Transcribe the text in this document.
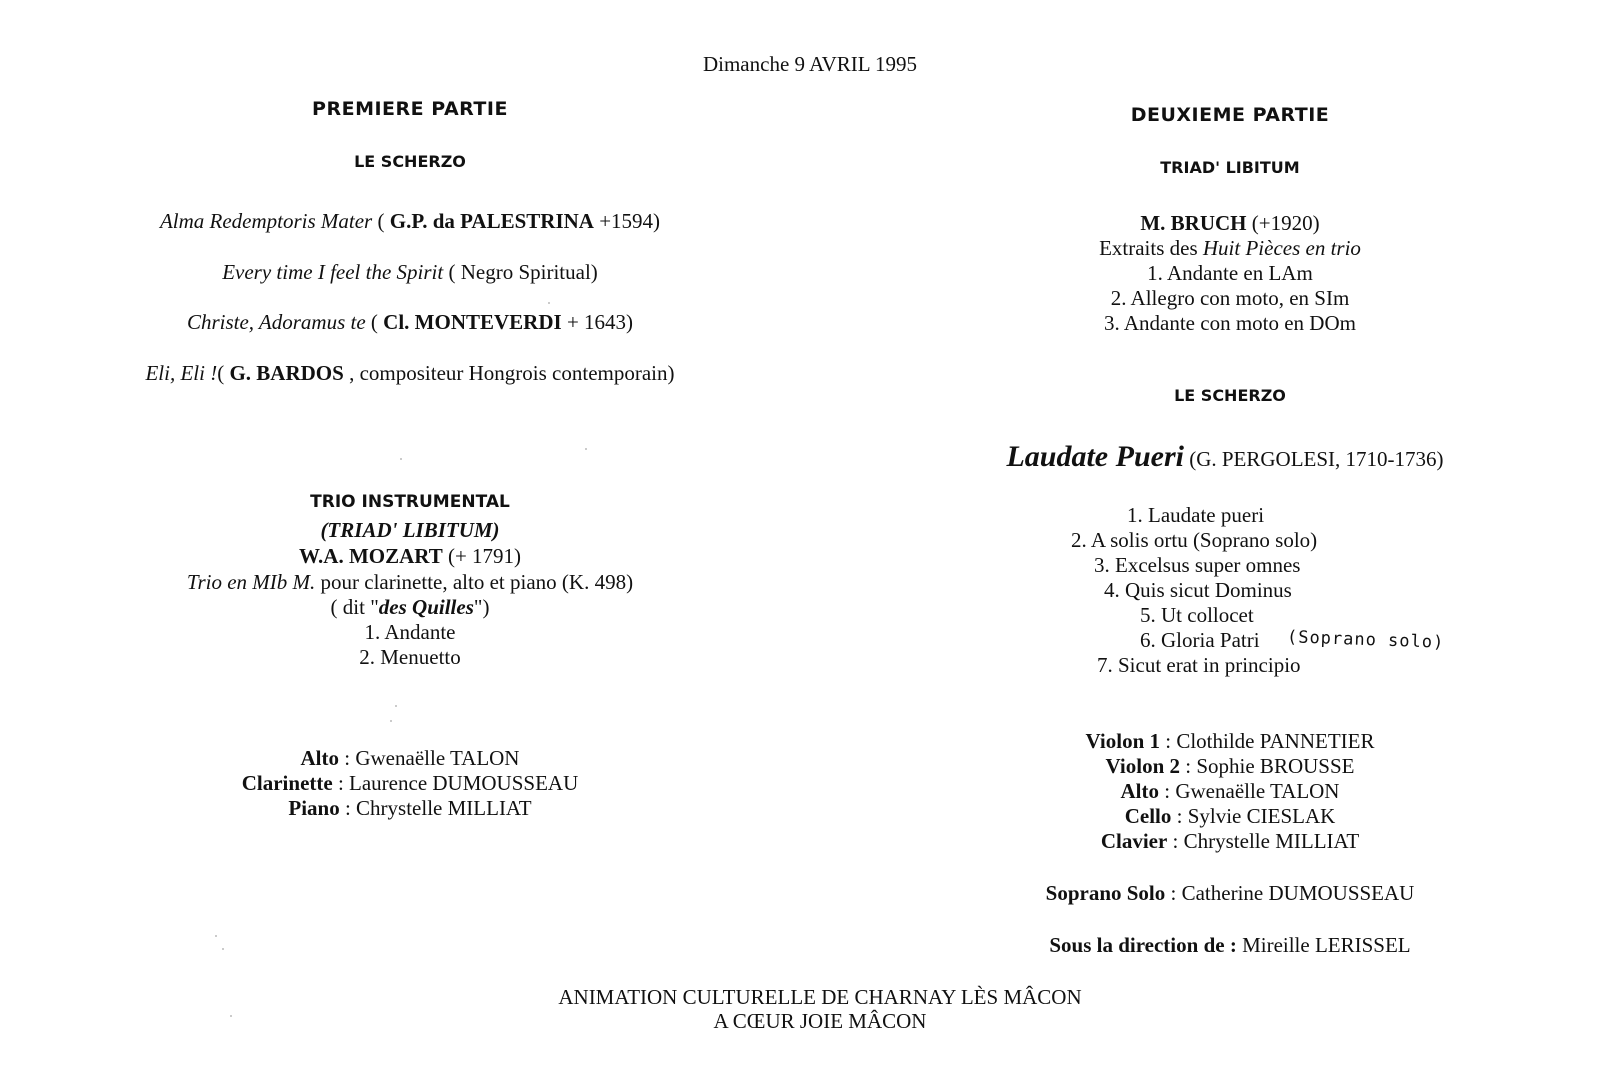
Dimanche 9 AVRIL 1995
PREMIERE PARTIE
LE SCHERZO
Alma Redemptoris Mater ( G.P. da PALESTRINA +1594)
Every time I feel the Spirit ( Negro Spiritual)
Christe, Adoramus te ( Cl. MONTEVERDI + 1643)
Eli, Eli !( G. BARDOS , compositeur Hongrois contemporain)
TRIO INSTRUMENTAL
(TRIAD' LIBITUM)
W.A. MOZART (+ 1791)
Trio en MIb M. pour clarinette, alto et piano (K. 498)
( dit "des Quilles")
1. Andante
2. Menuetto
Alto : Gwenaëlle TALON
Clarinette : Laurence DUMOUSSEAU
Piano : Chrystelle MILLIAT
DEUXIEME PARTIE
TRIAD' LIBITUM
M. BRUCH (+1920)
Extraits des Huit Pièces en trio
1. Andante en LAm
2. Allegro con moto, en SIm
3. Andante con moto en DOm
LE SCHERZO
Laudate Pueri (G. PERGOLESI, 1710-1736)
1. Laudate pueri
2. A solis ortu (Soprano solo)
3. Excelsus super omnes
4. Quis sicut Dominus
5. Ut collocet
6. Gloria Patri (Soprano solo)
7. Sicut erat in principio
Violon 1 : Clothilde PANNETIER
Violon 2 : Sophie BROUSSE
Alto : Gwenaëlle TALON
Cello : Sylvie CIESLAK
Clavier : Chrystelle MILLIAT
Soprano Solo : Catherine DUMOUSSEAU
Sous la direction de : Mireille LERISSEL
ANIMATION CULTURELLE DE CHARNAY LÈS MÂCON
A CŒUR JOIE MÂCON
